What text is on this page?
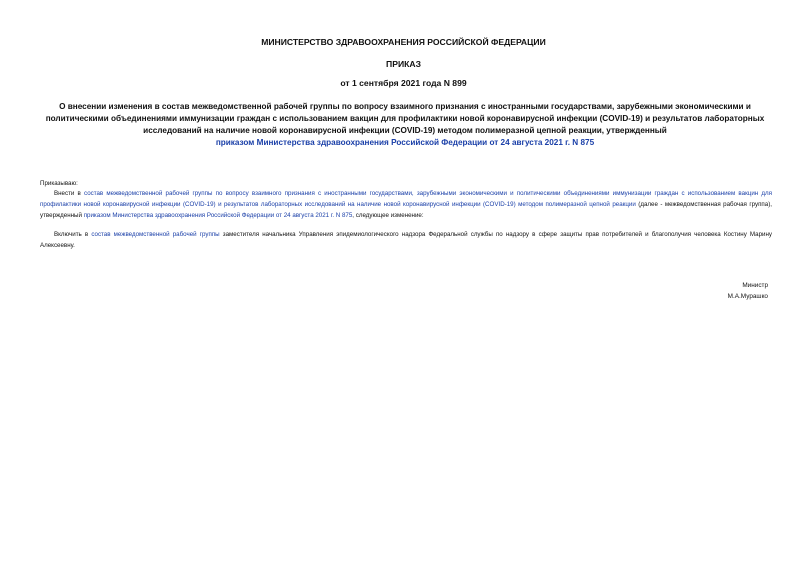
МИНИСТЕРСТВО ЗДРАВООХРАНЕНИЯ РОССИЙСКОЙ ФЕДЕРАЦИИ
ПРИКАЗ
от 1 сентября 2021 года N 899
О внесении изменения в состав межведомственной рабочей группы по вопросу взаимного признания с иностранными государствами, зарубежными экономическими и политическими объединениями иммунизации граждан с использованием вакцин для профилактики новой коронавирусной инфекции (COVID-19) и результатов лабораторных исследований на наличие новой коронавирусной инфекции (COVID-19) методом полимеразной цепной реакции, утвержденный
приказом Министерства здравоохранения Российской Федерации от 24 августа 2021 г. N 875
Приказываю:
Внести в состав межведомственной рабочей группы по вопросу взаимного признания с иностранными государствами, зарубежными экономическими и политическими объединениями иммунизации граждан с использованием вакцин для профилактики новой коронавирусной инфекции (COVID-19) и результатов лабораторных исследований на наличие новой коронавирусной инфекции (COVID-19) методом полимеразной цепной реакции (далее - межведомственная рабочая группа), утвержденный приказом Министерства здравоохранения Российской Федерации от 24 августа 2021 г. N 875, следующее изменение:
Включить в состав межведомственной рабочей группы заместителя начальника Управления эпидемиологического надзора Федеральной службы по надзору в сфере защиты прав потребителей и благополучия человека Костину Марину Алексеевну.
Министр
М.А.Мурашко
